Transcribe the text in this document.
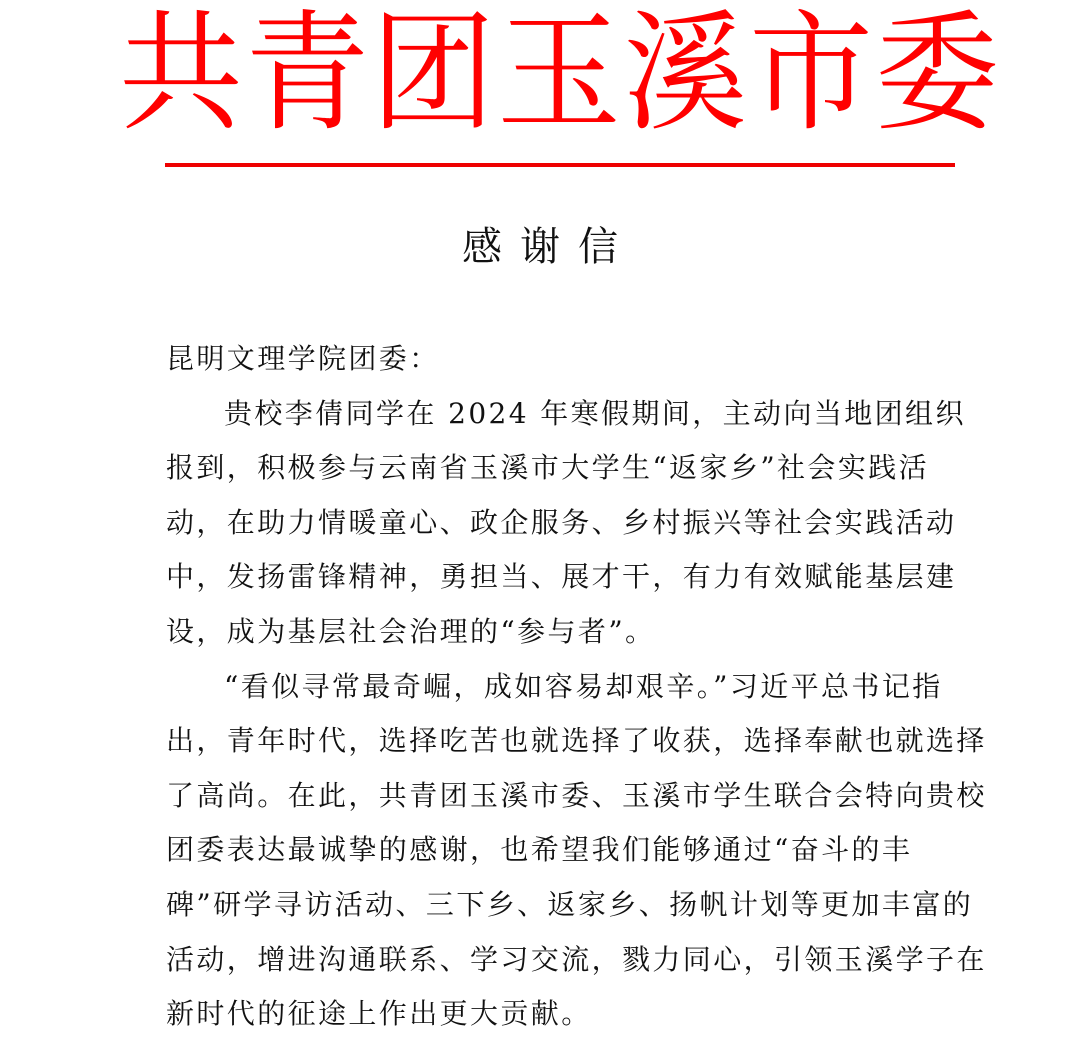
共青团玉溪市委
感谢信
昆明文理学院团委：
贵校李倩同学在 2024 年寒假期间，主动向当地团组织
报到，积极参与云南省玉溪市大学生“返家乡”社会实践活
动，在助力情暖童心、政企服务、乡村振兴等社会实践活动
中，发扬雷锋精神，勇担当、展才干，有力有效赋能基层建
设，成为基层社会治理的“参与者”。
“看似寻常最奇崛，成如容易却艰辛。”习近平总书记指
出，青年时代，选择吃苦也就选择了收获，选择奉献也就选择
了高尚。在此，共青团玉溪市委、玉溪市学生联合会特向贵校
团委表达最诚挚的感谢，也希望我们能够通过“奋斗的丰
碑”研学寻访活动、三下乡、返家乡、扬帆计划等更加丰富的
活动，增进沟通联系、学习交流，戮力同心，引领玉溪学子在
新时代的征途上作出更大贡献。
